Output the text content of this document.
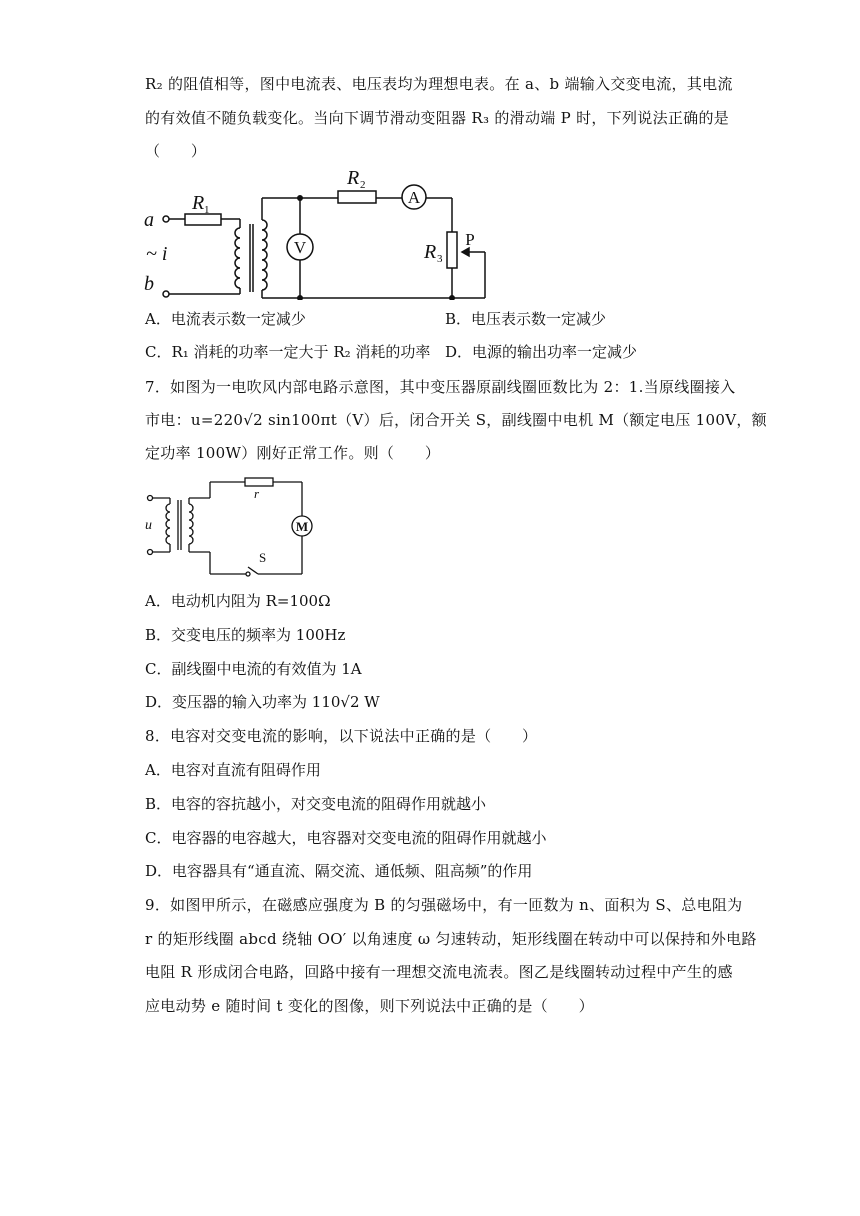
R₂ 的阻值相等，图中电流表、电压表均为理想电表。在 a、b 端输入交变电流，其电流
的有效值不随负载变化。当向下调节滑动变阻器 R₃ 的滑动端 P 时，下列说法正确的是
（　　）
a
b
~ i
R
R
R
1
2
3
V
A
P
A．电流表示数一定减少	B．电压表示数一定减少
C．R₁ 消耗的功率一定大于 R₂ 消耗的功率 D．电源的输出功率一定减少
7．如图为一电吹风内部电路示意图，其中变压器原副线圈匝数比为 2：1.当原线圈接入
市电：u=220√2 sin100πt（V）后，闭合开关 S，副线圈中电机 M（额定电压 100V，额
定功率 100W）刚好正常工作。则（　　）
u
r
M
S
A．电动机内阻为 R=100Ω
B．交变电压的频率为 100Hz
C．副线圈中电流的有效值为 1A
D．变压器的输入功率为 110√2 W
8．电容对交变电流的影响，以下说法中正确的是（　　）
A．电容对直流有阻碍作用
B．电容的容抗越小，对交变电流的阻碍作用就越小
C．电容器的电容越大，电容器对交变电流的阻碍作用就越小
D．电容器具有“通直流、隔交流、通低频、阻高频”的作用
9．如图甲所示，在磁感应强度为 B 的匀强磁场中，有一匝数为 n、面积为 S、总电阻为
r 的矩形线圈 abcd 绕轴 OO′ 以角速度 ω 匀速转动，矩形线圈在转动中可以保持和外电路
电阻 R 形成闭合电路，回路中接有一理想交流电流表。图乙是线圈转动过程中产生的感
应电动势 e 随时间 t 变化的图像，则下列说法中正确的是（　　）
